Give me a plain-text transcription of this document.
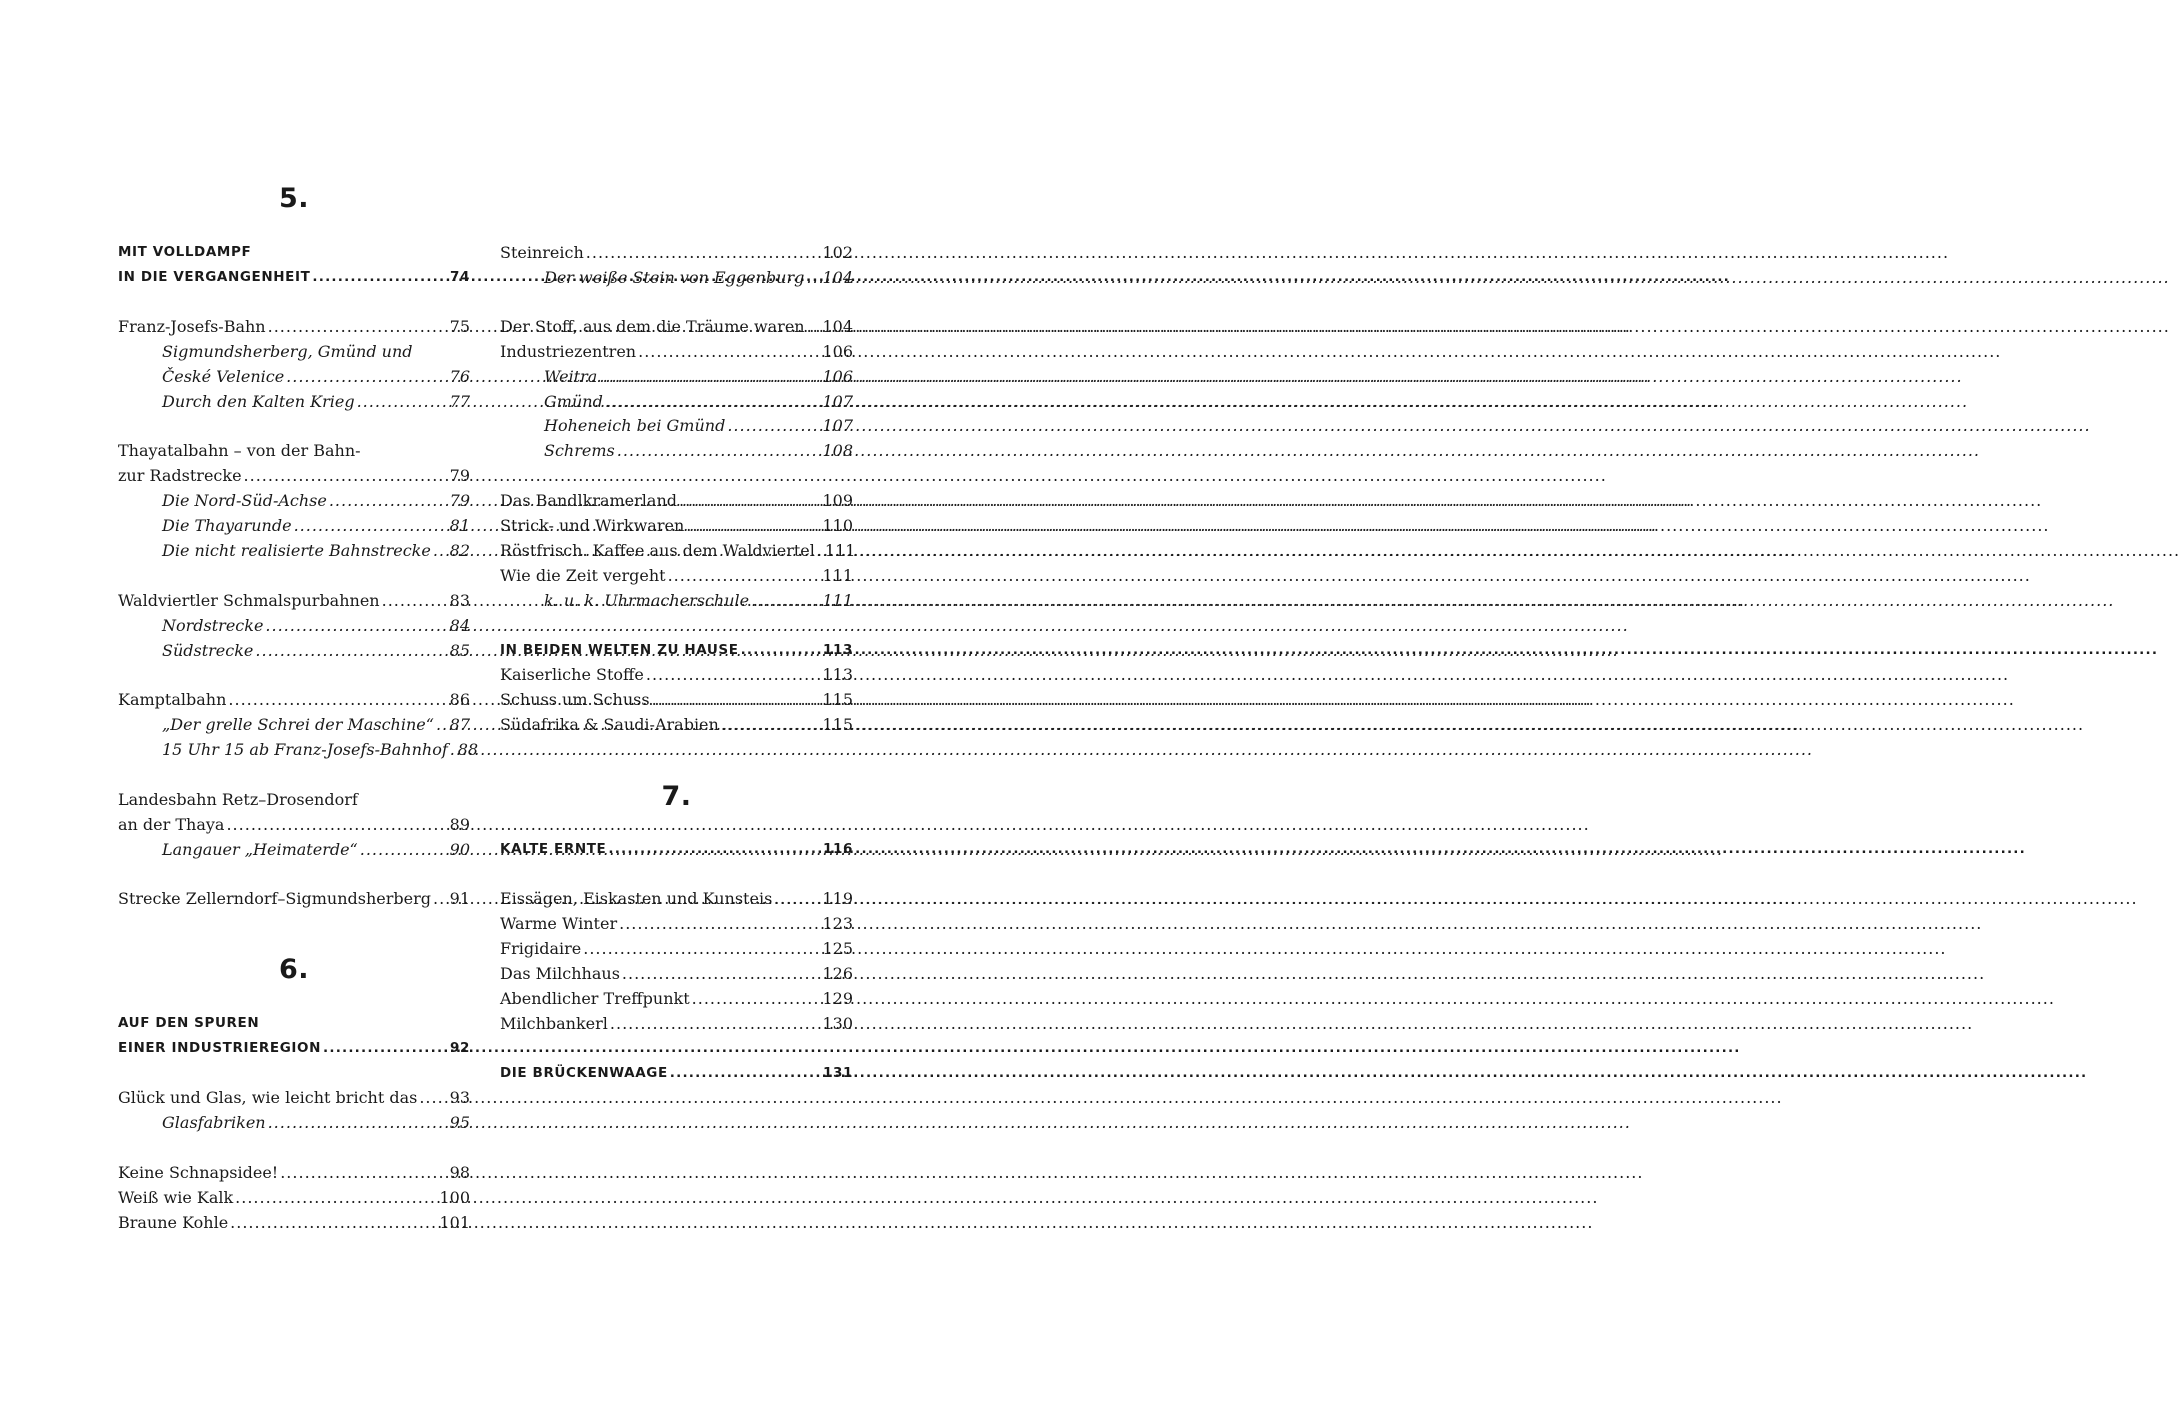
5.
MIT VOLLDAMPF
IN DIE VERGANGENHEIT .....	74
Franz-Josefs-Bahn .....	75
Sigmundsherberg, Gmünd und
České Velenice .....	76
Durch den Kalten Krieg .....	77
Thayatalbahn – von der Bahn-
zur Radstrecke .....	79
Die Nord-Süd-Achse .....	79
Die Thayarunde .....	81
Die nicht realisierte Bahnstrecke ..... 82
Waldviertler Schmalspurbahnen .....	83
Nordstrecke .....	84
Südstrecke .....	85
Kamptalbahn .....	86
„Der grelle Schrei der Maschine“ ..... 87
15 Uhr 15 ab Franz-Josefs-Bahnhof ..... 88
Landesbahn Retz–Drosendorf
an der Thaya .....	89
Langauer „Heimaterde“ .....	90
Strecke Zellerndorf–Sigmundsherberg ..... 91
6.
AUF DEN SPUREN
EINER INDUSTRIEREGION .....	92
Glück und Glas, wie leicht bricht das ..... 93
Glasfabriken .....	95
Keine Schnapsidee! .....	98
Weiß wie Kalk .....	100
Braune Kohle .....	101
Steinreich .....	102
Der weiße Stein von Eggenburg ..... 104
Der Stoff, aus dem die Träume waren ..... 104
Industriezentren .....	106
Weitra .....	106
Gmünd .....	107
Hoheneich bei Gmünd .....	107
Schrems .....	108
Das Bandlkramerland .....	109
Strick- und Wirkwaren .....	110
Röstfrisch. Kaffee aus dem Waldviertel ..... 111
Wie die Zeit vergeht .....	111
k. u. k. Uhrmacherschule .....	111
IN BEIDEN WELTEN ZU HAUSE .....	113
Kaiserliche Stoffe .....	113
Schuss um Schuss .....	115
Südafrika & Saudi-Arabien .....	115
7.
KALTE ERNTE .....	116
Eissägen, Eiskasten und Kunsteis .....	119
Warme Winter .....	123
Frigidaire .....	125
Das Milchhaus .....	126
Abendlicher Treffpunkt .....	129
Milchbankerl .....	130
DIE BRÜCKENWAAGE .....	131
